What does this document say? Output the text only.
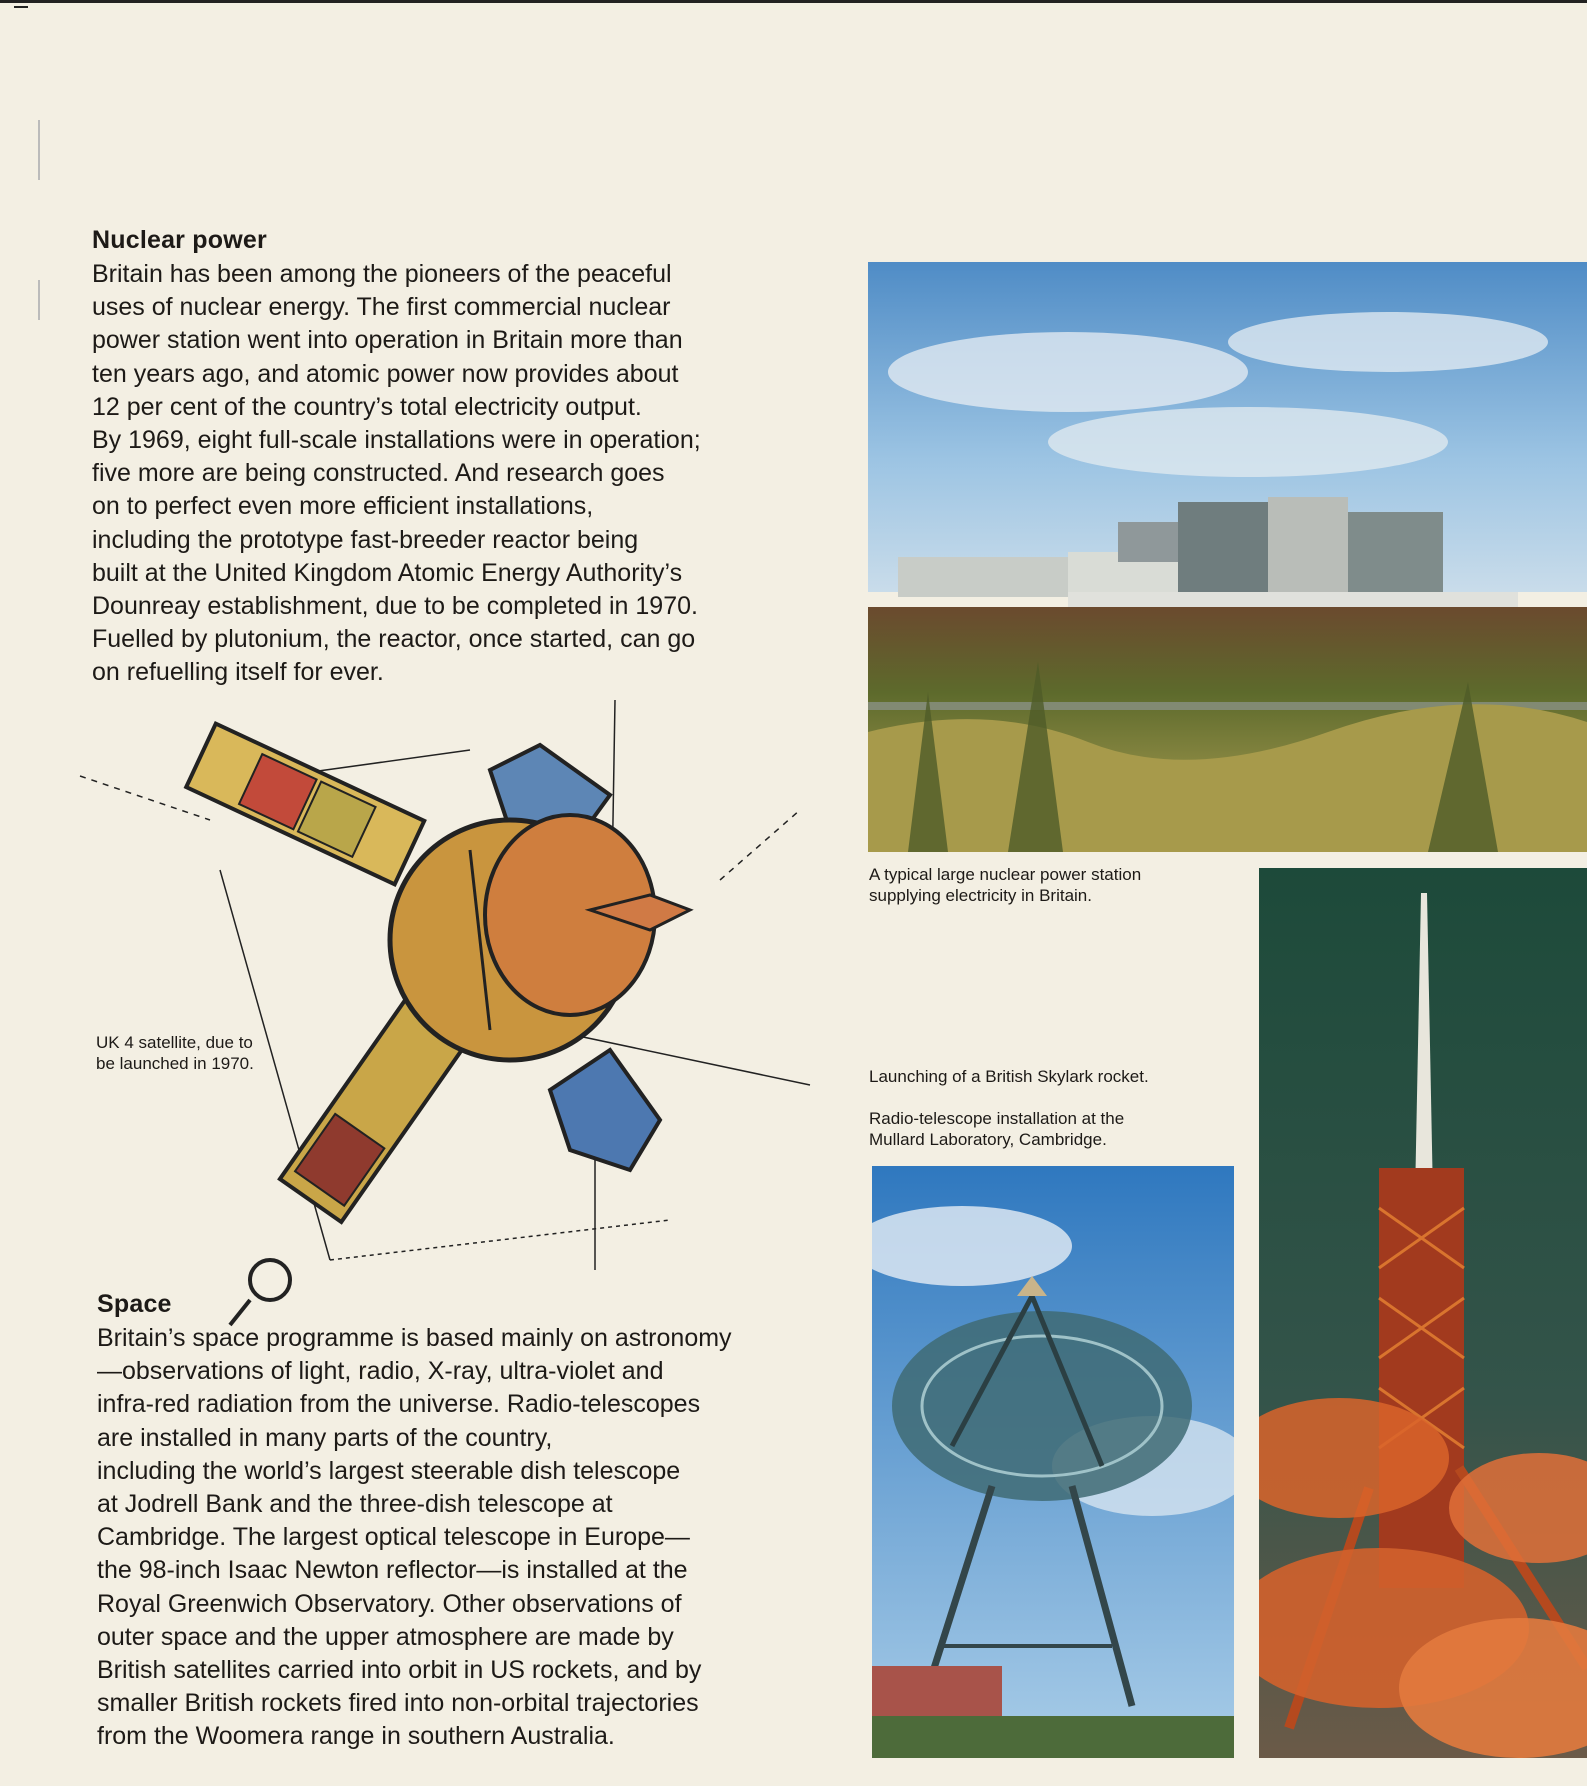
Nuclear power

Britain has been among the pioneers of the peaceful
uses of nuclear energy. The first commercial nuclear
power station went into operation in Britain more than
ten years ago, and atomic power now provides about
12 per cent of the country’s total electricity output.
By 1969, eight full-scale installations were in operation;
five more are being constructed. And research goes
on to perfect even more efficient installations,
including the prototype fast-breeder reactor being
built at the United Kingdom Atomic Energy Authority’s
Dounreay establishment, due to be completed in 1970.
Fuelled by plutonium, the reactor, once started, can go
on refuelling itself for ever.

A typical large nuclear power station
supplying electricity in Britain.

UK 4 satellite, due to
be launched in 1970.

Launching of a British Skylark rocket.

Radio-telescope installation at the
Mullard Laboratory, Cambridge.

Space

Britain’s space programme is based mainly on astronomy
—observations of light, radio, X-ray, ultra-violet and
infra-red radiation from the universe. Radio-telescopes
are installed in many parts of the country,
including the world’s largest steerable dish telescope
at Jodrell Bank and the three-dish telescope at
Cambridge. The largest optical telescope in Europe—
the 98-inch Isaac Newton reflector—is installed at the
Royal Greenwich Observatory. Other observations of
outer space and the upper atmosphere are made by
British satellites carried into orbit in US rockets, and by
smaller British rockets fired into non-orbital trajectories
from the Woomera range in southern Australia.
